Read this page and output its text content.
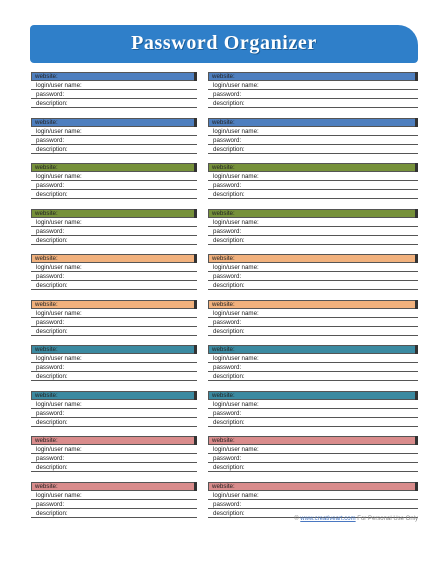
Password Organizer
website:
login/user name:
password:
description:
website:
login/user name:
password:
description:
website:
login/user name:
password:
description:
website:
login/user name:
password:
description:
website:
login/user name:
password:
description:
website:
login/user name:
password:
description:
website:
login/user name:
password:
description:
website:
login/user name:
password:
description:
website:
login/user name:
password:
description:
website:
login/user name:
password:
description:
website:
login/user name:
password:
description:
website:
login/user name:
password:
description:
website:
login/user name:
password:
description:
website:
login/user name:
password:
description:
website:
login/user name:
password:
description:
website:
login/user name:
password:
description:
website:
login/user name:
password:
description:
website:
login/user name:
password:
description:
website:
login/user name:
password:
description:
website:
login/user name:
password:
description:
© www.creativeart.com For Personal Use Only
